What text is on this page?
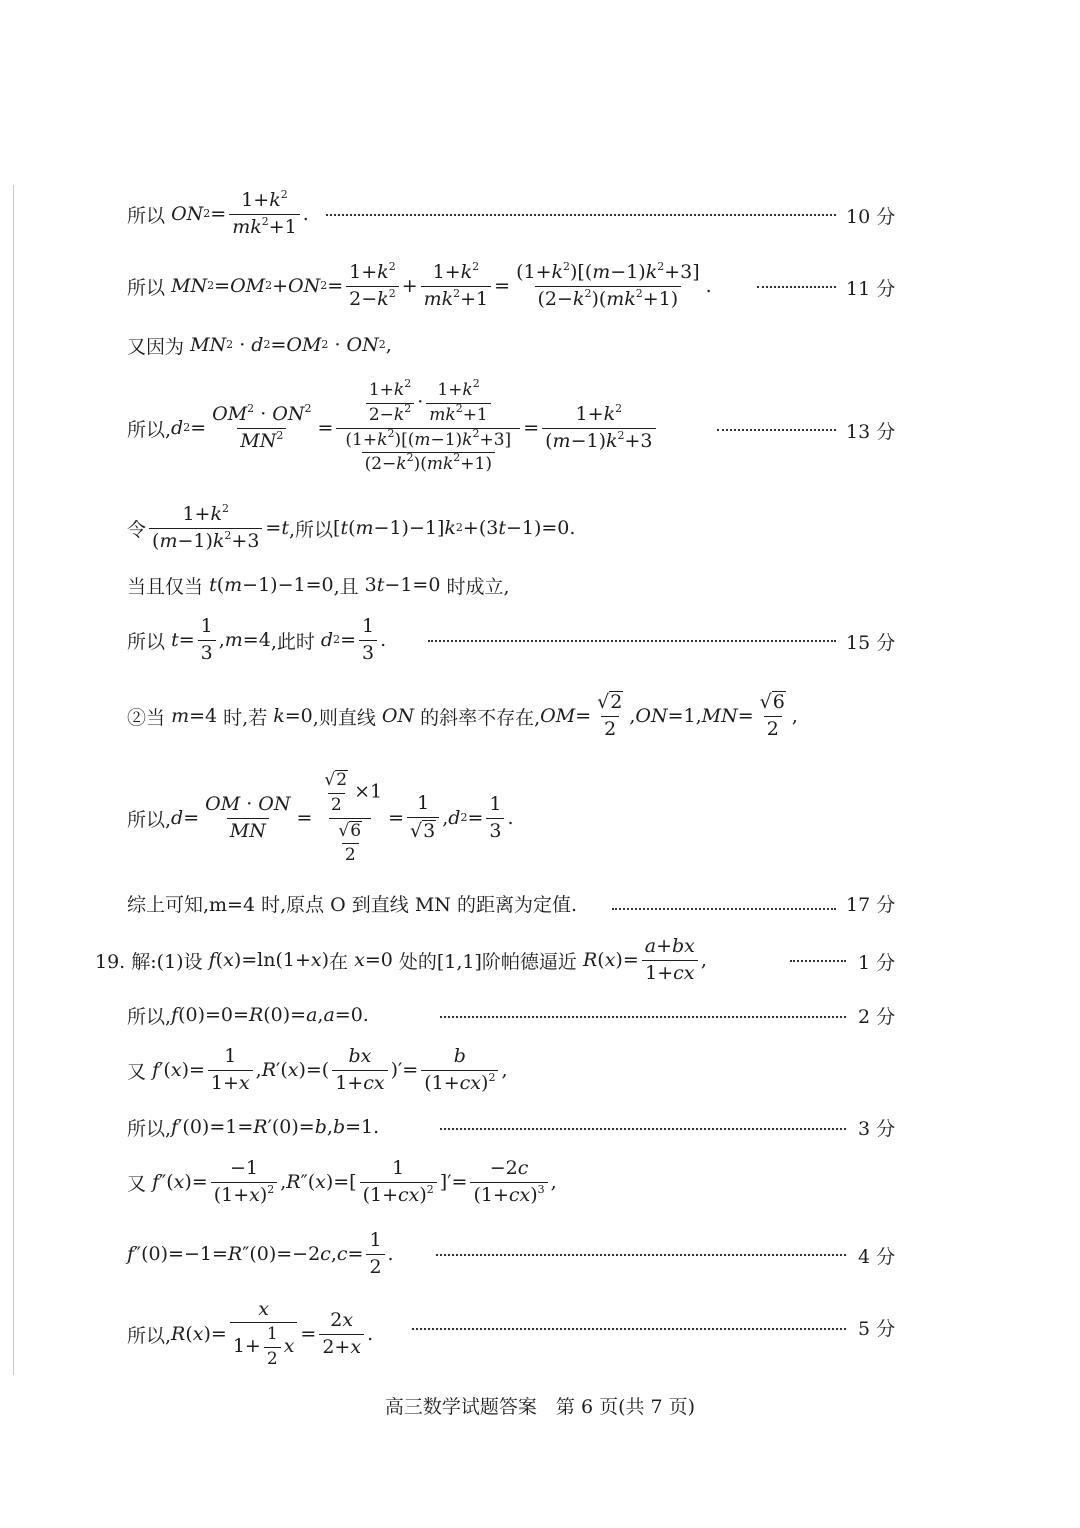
所以
ON $2 = \frac{1+k^2}{mk^2+1}$ .	10 分
所以
MN 2 = OM 2 + ON $2 = \frac{1+k^2}{2-k^2} + \frac{1+k^2}{mk^2+1} = \frac{(1+k^2)[(m-1)k^2+3]}{(2-k^2)(mk^2+1)}$ .	11 分
又因为
MN 2 · d 2 = OM 2 · ON 2 ,
所以, d $2 = \frac{OM^2 \cdot ON^2}{MN^2} = \frac{\frac{1+k^2}{2-k^2} \cdot \frac{1+k^2}{mk^2+1}}{\frac{(1+k^2)[(m-1)k^2+3]}{(2-k^2)(mk^2+1)}} = \frac{1+k^2}{(m-1)k^2+3}$	13 分
令 $\frac{1+k^2}{(m-1)k^2+3} = t$ ,所以 [ t ( m −1)−1] k 2 +(3 t −1)=0.
当且仅当
t ( m −1)−1=0 ,且 3 t −1=0 时成立,
所以
$t = \frac{1}{3}$ , m =4 ,此时
d $2 = \frac{1}{3}$ .	15 分
②当
m =4 时,若
k =0 ,则直线
ON
的斜率不存在, OM = $\frac{√ 2}{2}$ , ON =1, MN = $\frac{√ 6}{2}$ ,
所以, $d = \frac{OM \cdot ON}{MN} = \frac{\frac{√ 2}{2} \times 1}{\frac{√ 6}{2}} = \frac{1}{√ 3}$ , d $2 = \frac{1}{3}$ .
综上可知,m=4 时,原点 O 到直线 MN 的距离为定值.	17 分
19. 解:(1)设
f ( x )=ln(1+ x ) 在
x =0 处的[1,1]阶帕德逼近
R ( x )= $\frac{a+bx}{1+cx}$ ,	1 分
所以, f (0)=0= R (0)= a , a =0.	2 分
又
f ′( x )= $\frac{1}{1+x}$ , R ′( x )=( $\frac{bx}{1+cx}$ )′= $\frac{b}{(1+cx)^2}$ ,
所以, f ′(0)=1= R ′(0)= b , b =1.	3 分
又
f ″( x )= $\frac{-1}{(1+x)^2}$ , R ″( x )=[ $\frac{1}{(1+cx)^2}$ ]′= $\frac{-2c}{(1+cx)^3}$ ,
f ″(0)=−1= R ″(0)=−2 c , $c = \frac{1}{2}$ .	4 分
所以, R ( x )= $\frac{x}{1+ \frac{1}{2} x} = \frac{2x}{2+x}$ .	5 分
高三数学试题答案　第 6 页(共 7 页)
